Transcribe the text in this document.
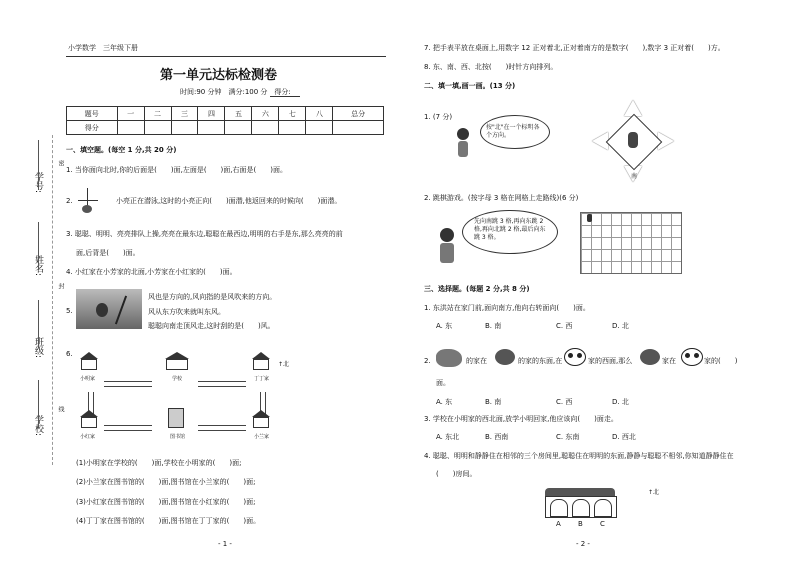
学号:
姓名:
班级:
学校:
密
封
线
小学数学　 三年级下册
第一单元达标检测卷
时间:90 分钟　满分:100 分　得分:
题号	一	二	三	四	五	六	七	八	总分
得分									
一、填空题。(每空 1 分,共 20 分)
1. 当你面向北时,你的后面是(　　)面,左面是(　　)面,右面是(　　)面。
2.	小亮正在潜泳,这时的小亮正向(　　)面潜,他返回来的时候向(　　)面潜。
3. 聪聪、明明、亮亮排队上操,亮亮在最东边,聪聪在最西边,明明的右手是东,那么亮亮的前
面,后背是(　　)面。
4. 小红家在小芳家的北面,小芳家在小红家的(　　)面。
5.
风也是方向的,风向指的是风吹来的方向。
风从东方吹来就叫东风。
聪聪向南走顶风走,这时刮的是(　　)风。
6.
↑北
小明家	学校	丁丁家
小红家	图书馆	小兰家
(1)小明家在学校的(　　)面,学校在小明家的(　　)面;
(2)小兰家在图书馆的(　　)面,图书馆在小兰家的(　　)面;
(3)小红家在图书馆的(　　)面,图书馆在小红家的(　　)面;
(4)丁丁家在图书馆的(　　)面,图书馆在丁丁家的(　　)面。
- 1 -
7. 把手表平放在桌面上,用数字 12 正对着北,正对着南方的是数字(　　),数字 3 正对着(　　)方。
8. 东、南、西、北按(　　)时针方向排列。
二、填一填,画一画。(13 分)
1. (7 分)
按"北"在一个标明各个方向。
南
2. 跳棋游戏。(按字母 3 格在网格上走路线)(6 分)
先向南跳 3 格,再向东跳 2 格,再向北跳 2 格,最后向东跳 3 格。
三、选择题。(每题 2 分,共 8 分)
1. 东洪站在家门前,面向南方,他向右转面向(　　)面。
A. 东	B. 南	C. 西	D. 北
2.	的家在	的家的东面,在	家的西面,那么	家在	家的(　　)
面。
A. 东	B. 南	C. 西	D. 北
3. 学校在小明家的西北面,放学小明回家,他应该向(　　)面走。
A. 东北	B. 西南	C. 东南	D. 西北
4. 聪聪、明明和静静住在相邻的三个房间里,聪聪住在明明的东面,静静与聪聪不相邻,你知道静静住在
(　　)房间。
A B C
↑北
- 2 -
